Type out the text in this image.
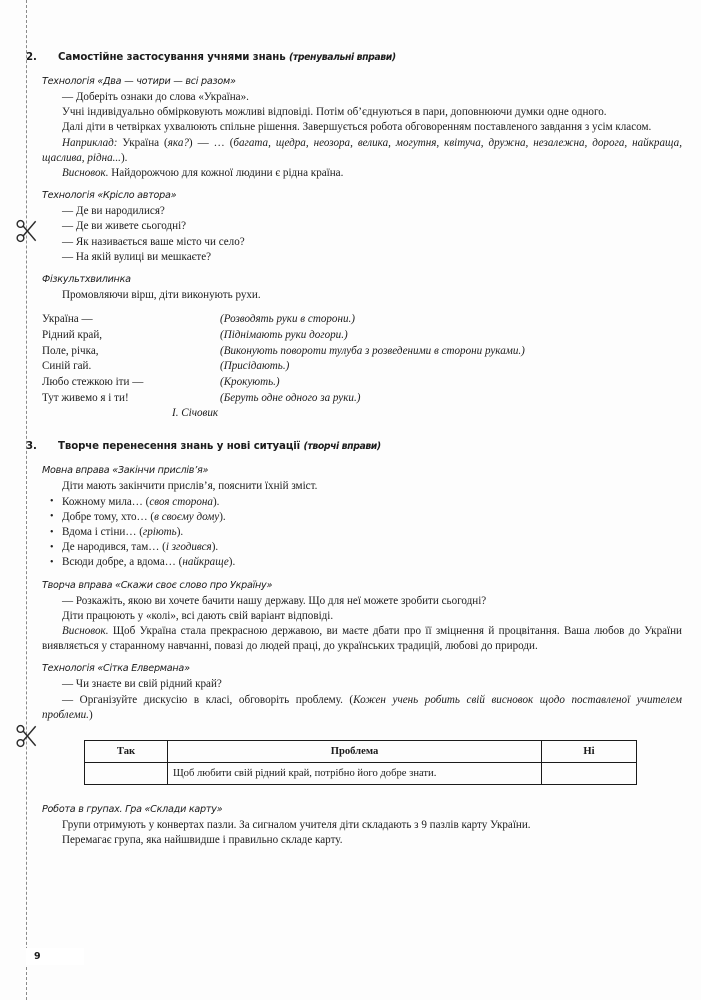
2. Самостійне застосування учнями знань (тренувальні вправи)
Технологія «Два — чотири — всі разом»

— Доберіть ознаки до слова «Україна».

Учні індивідуально обмірковують можливі відповіді. Потім об’єднуються в пари, доповнюючи думки одне одного.

Далі діти в четвірках ухвалюють спільне рішення. Завершується робота обговоренням поставленого завдання з усім класом.

Наприклад: Україна (яка?) — … (багата, щедра, неозора, велика, могутня, квітуча, дружна, незалежна, дорога, найкраща, щаслива, рідна...).

Висновок. Найдорожчою для кожної людини є рідна країна.

Технологія «Крісло автора»
— Де ви народилися?
— Де ви живете сьогодні?
— Як називається ваше місто чи село?
— На якій вулиці ви мешкаєте?
Фізкультхвилинка

Промовляючи вірш, діти виконують рухи.

Україна —	(Розводять руки в сторони.)
Рідний край,	(Піднімають руки догори.)
Поле, річка,	(Виконують повороти тулуба з розведеними в сторони руками.)
Синій гай.	(Присідають.)
Любо стежкою іти —	(Крокують.)
Тут живемо я і ти!	(Беруть одне одного за руки.)

І. Січовик

3. Творче перенесення знань у нові ситуації (творчі вправи)
Мовна вправа «Закінчи прислів’я»

Діти мають закінчити прислів’я, пояснити їхній зміст.

• Кожному мила… (своя сторона).
• Добре тому, хто… (в своєму дому).
• Вдома і стіни… (гріють).
• Де народився, там… (і згодився).
• Всюди добре, а вдома… (найкраще).
Творча вправа «Скажи своє слово про Україну»

— Розкажіть, якою ви хочете бачити нашу державу. Що для неї можете зробити сьогодні?

Діти працюють у «колі», всі дають свій варіант відповіді.

Висновок. Щоб Україна стала прекрасною державою, ви маєте дбати про її зміцнення й процвітання. Ваша любов до України виявляється у старанному навчанні, повазі до людей праці, до українських традицій, любові до природи.

Технологія «Сітка Елвермана»

— Чи знаєте ви свій рідний край?

— Організуйте дискусію в класі, обговоріть проблему. (Кожен учень робить свій висновок щодо поставленої учителем проблеми.)

Так	Проблема	Ні
	Щоб любити свій рідний край, потрібно його добре знати.	
Робота в групах. Гра «Склади карту»

Групи отримують у конвертах пазли. За сигналом учителя діти складають з 9 пазлів карту України.

Перемагає група, яка найшвидше і правильно складе карту.

9
